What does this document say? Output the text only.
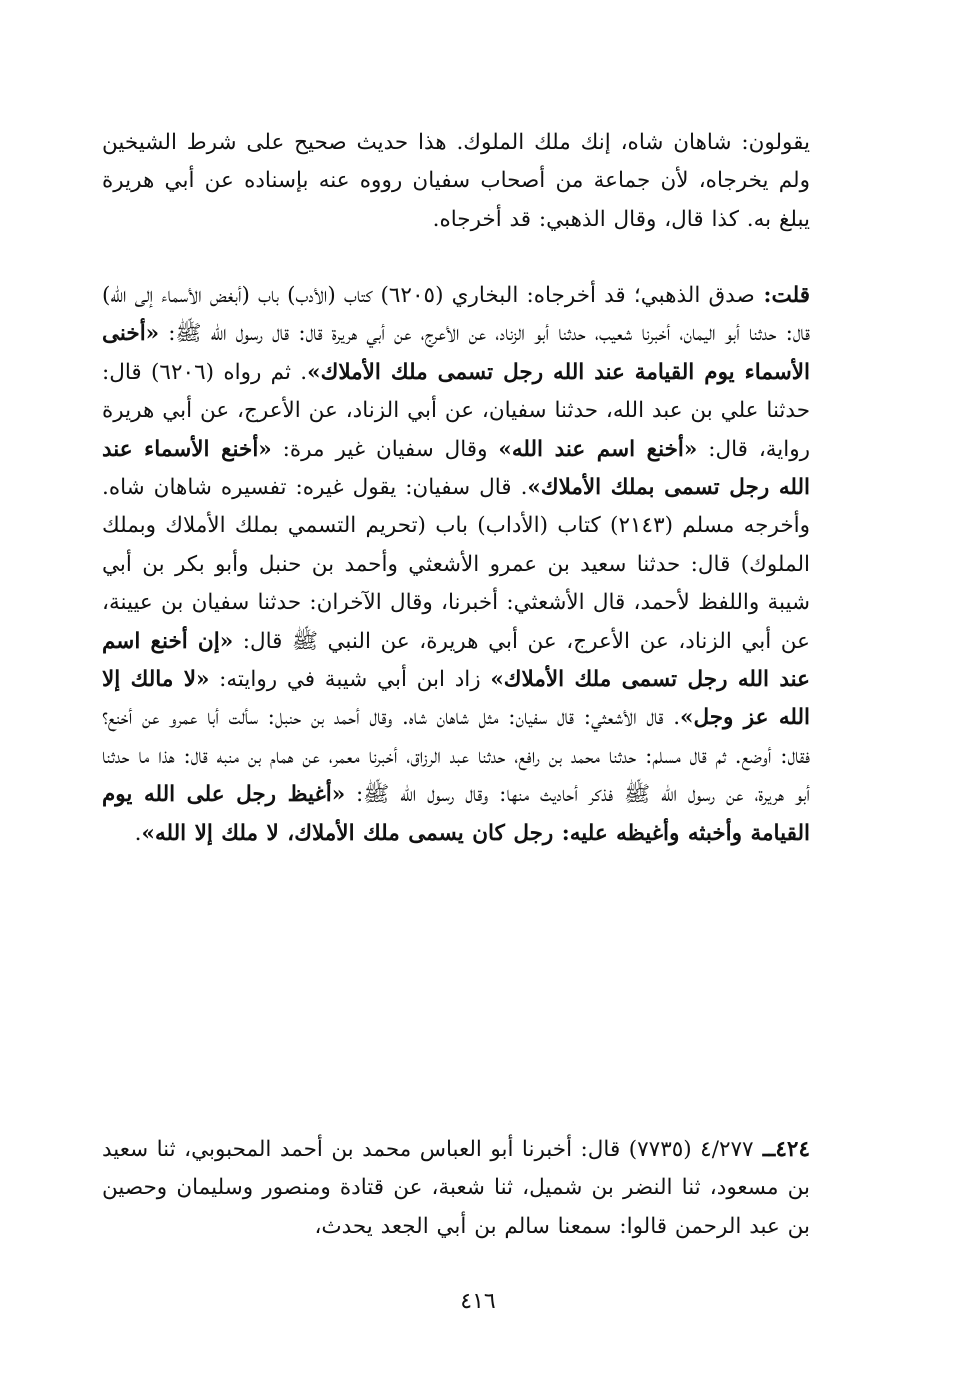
يقولون: شاهان شاه، إنك ملك الملوك. هذا حديث صحيح على شرط الشيخين ولم يخرجاه، لأن جماعة من أصحاب سفيان رووه عنه بإسناده عن أبي هريرة يبلغ به. كذا قال، وقال الذهبي: قد أخرجاه.

قلت: صدق الذهبي؛ قد أخرجاه: البخاري (٦٢٠٥) كتاب (الأدب) باب (أبغض الأسماء إلى الله) قال: حدثنا أبو اليمان، أخبرنا شعيب، حدثنا أبو الزناد، عن الأعرج، عن أبي هريرة قال: قال رسول الله ﷺ: «أخنى الأسماء يوم القيامة عند الله رجل تسمى ملك الأملاك». ثم رواه (٦٢٠٦) قال: حدثنا علي بن عبد الله، حدثنا سفيان، عن أبي الزناد، عن الأعرج، عن أبي هريرة رواية، قال: «أخنع اسم عند الله» وقال سفيان غير مرة: «أخنع الأسماء عند الله رجل تسمى بملك الأملاك». قال سفيان: يقول غيره: تفسيره شاهان شاه. وأخرجه مسلم (٢١٤٣) كتاب (الأداب) باب (تحريم التسمي بملك الأملاك وبملك الملوك) قال: حدثنا سعيد بن عمرو الأشعثي وأحمد بن حنبل وأبو بكر بن أبي شيبة واللفظ لأحمد، قال الأشعثي: أخبرنا، وقال الآخران: حدثنا سفيان بن عيينة، عن أبي الزناد، عن الأعرج، عن أبي هريرة، عن النبي ﷺ قال: «إن أخنع اسم عند الله رجل تسمى ملك الأملاك» زاد ابن أبي شيبة في روايته: «لا مالك إلا الله عز وجل». قال الأشعثي: قال سفيان: مثل شاهان شاه. وقال أحمد بن حنبل: سألت أبا عمرو عن أخنع؟ فقال: أوضع. ثم قال مسلم: حدثنا محمد بن رافع، حدثنا عبد الرزاق، أخبرنا معمر، عن همام بن منبه قال: هذا ما حدثنا أبو هريرة، عن رسول الله ﷺ فذكر أحاديث منها: وقال رسول الله ﷺ: «أغيظ رجل على الله يوم القيامة وأخبثه وأغيظه عليه: رجل كان يسمى ملك الأملاك، لا ملك إلا الله».

٤٢٤ــ ٤/٢٧٧ (٧٧٣٥) قال: أخبرنا أبو العباس محمد بن أحمد المحبوبي، ثنا سعيد بن مسعود، ثنا النضر بن شميل، ثنا شعبة، عن قتادة ومنصور وسليمان وحصين بن عبد الرحمن قالوا: سمعنا سالم بن أبي الجعد يحدث،

٤١٦
